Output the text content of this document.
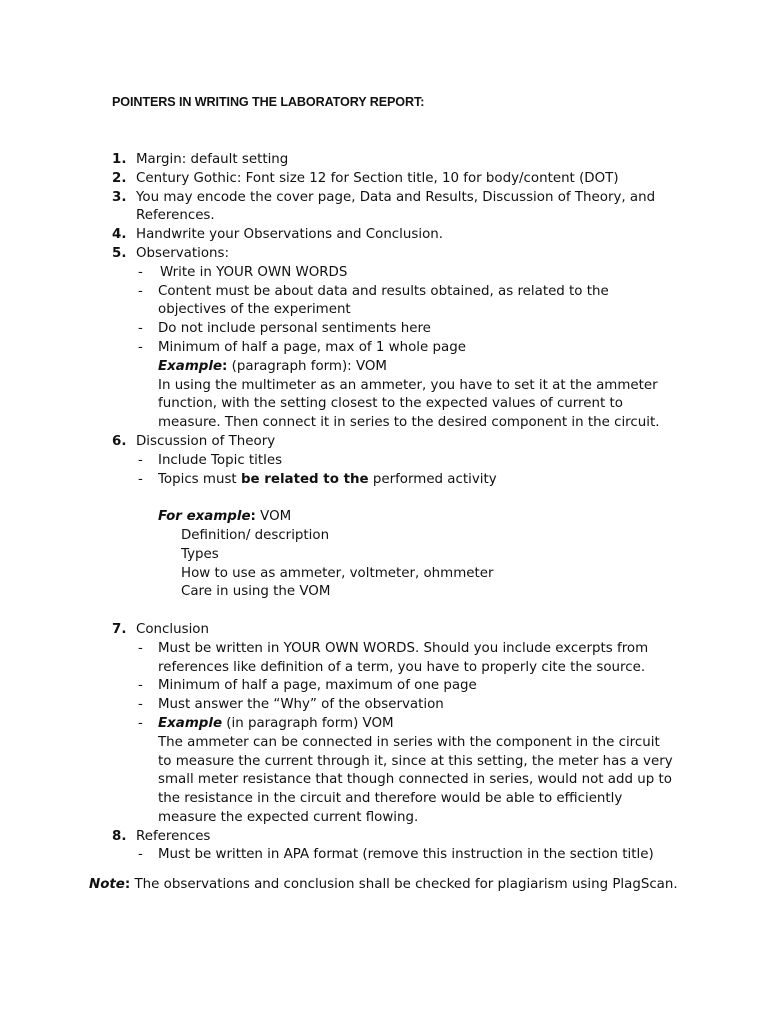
POINTERS IN WRITING THE LABORATORY REPORT:
1. Margin: default setting
2. Century Gothic: Font size 12 for Section title, 10 for body/content (DOT)
3. You may encode the cover page, Data and Results, Discussion of Theory, and
References.
4. Handwrite your Observations and Conclusion.
5. Observations:
- Write in YOUR OWN WORDS
- Content must be about data and results obtained, as related to the
objectives of the experiment
- Do not include personal sentiments here
- Minimum of half a page, max of 1 whole page
Example: (paragraph form): VOM
In using the multimeter as an ammeter, you have to set it at the ammeter
function, with the setting closest to the expected values of current to
measure. Then connect it in series to the desired component in the circuit.
6. Discussion of Theory
- Include Topic titles
- Topics must be related to the performed activity
For example: VOM
Definition/ description
Types
How to use as ammeter, voltmeter, ohmmeter
Care in using the VOM
7. Conclusion
- Must be written in YOUR OWN WORDS. Should you include excerpts from
references like definition of a term, you have to properly cite the source.
- Minimum of half a page, maximum of one page
- Must answer the “Why” of the observation
- Example (in paragraph form) VOM
The ammeter can be connected in series with the component in the circuit
to measure the current through it, since at this setting, the meter has a very
small meter resistance that though connected in series, would not add up to
the resistance in the circuit and therefore would be able to efficiently
measure the expected current flowing.
8. References
- Must be written in APA format (remove this instruction in the section title)
Note: The observations and conclusion shall be checked for plagiarism using PlagScan.
